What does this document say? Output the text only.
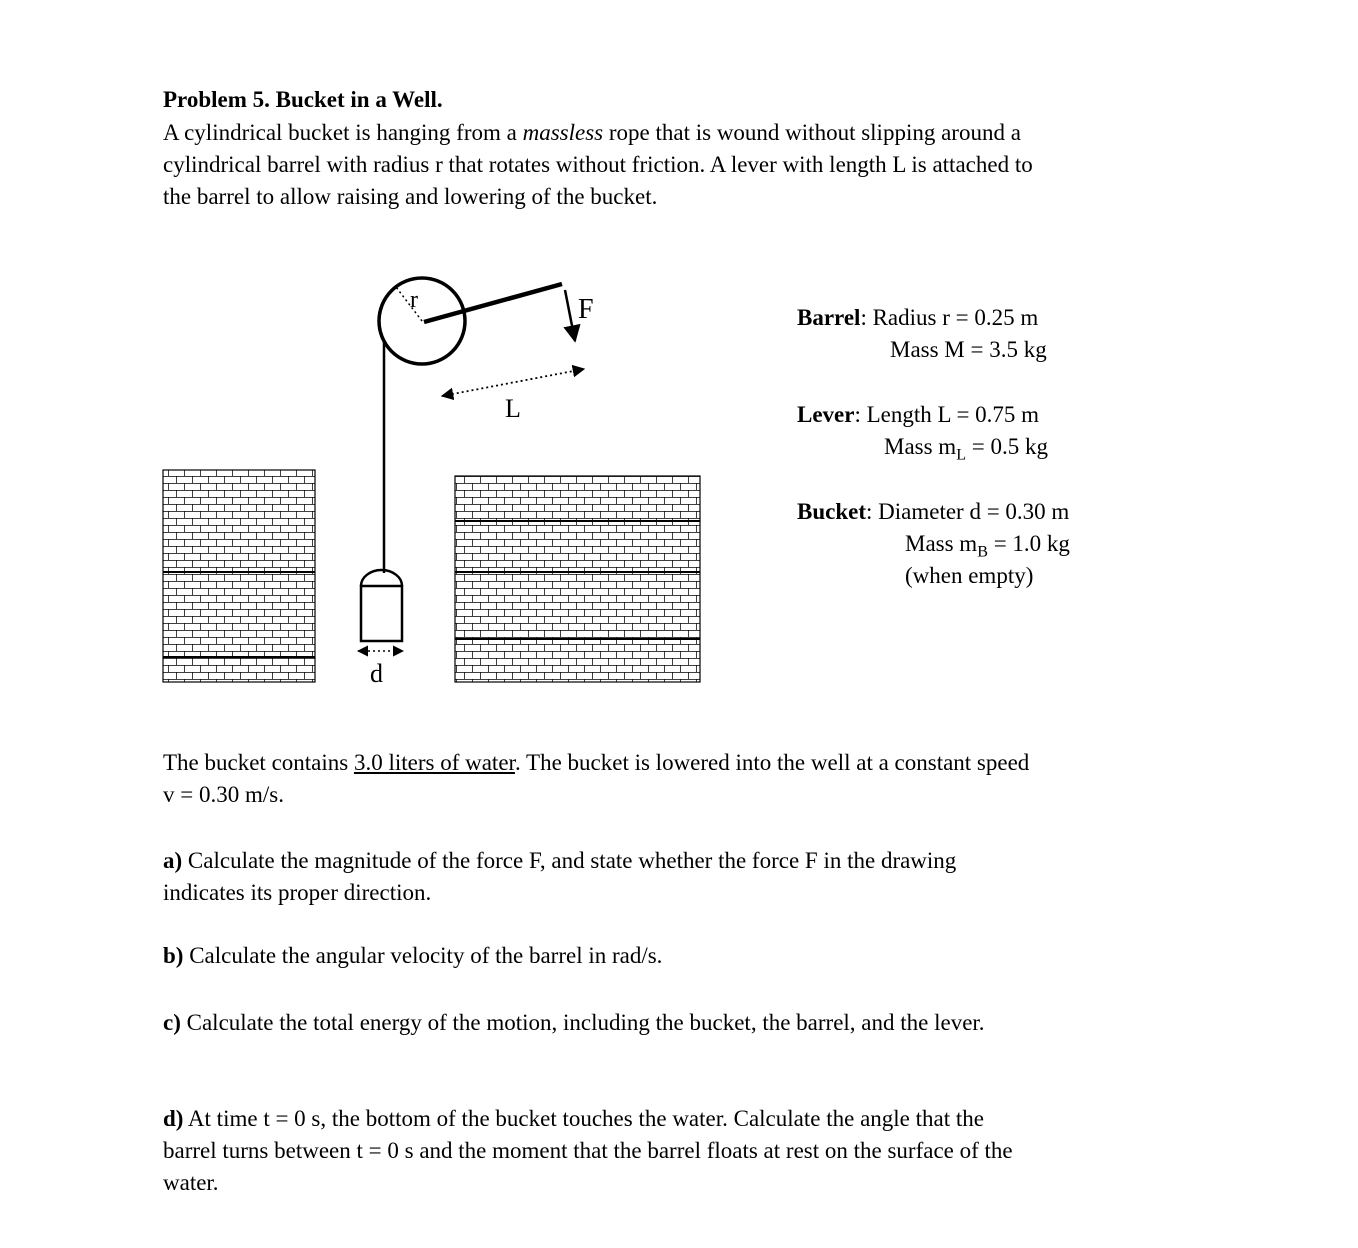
Problem 5. Bucket in a Well.
A cylindrical bucket is hanging from a massless rope that is wound without slipping around a cylindrical barrel with radius r that rotates without friction. A lever with length L is attached to the barrel to allow raising and lowering of the bucket.
r	F
L
d
Barrel: Radius r = 0.25 m
Mass M = 3.5 kg
Lever: Length L = 0.75 m
Mass $m_L = 0.5$ kg
Bucket: Diameter d = 0.30 m
Mass $m_B = 1.0$ kg
(when empty)
The bucket contains 3.0 liters of water. The bucket is lowered into the well at a constant speed v = 0.30 m/s.
a) Calculate the magnitude of the force F, and state whether the force F in the drawing indicates its proper direction.
b) Calculate the angular velocity of the barrel in rad/s.
c) Calculate the total energy of the motion, including the bucket, the barrel, and the lever.
d) At time t = 0 s, the bottom of the bucket touches the water. Calculate the angle that the barrel turns between t = 0 s and the moment that the barrel floats at rest on the surface of the water.
